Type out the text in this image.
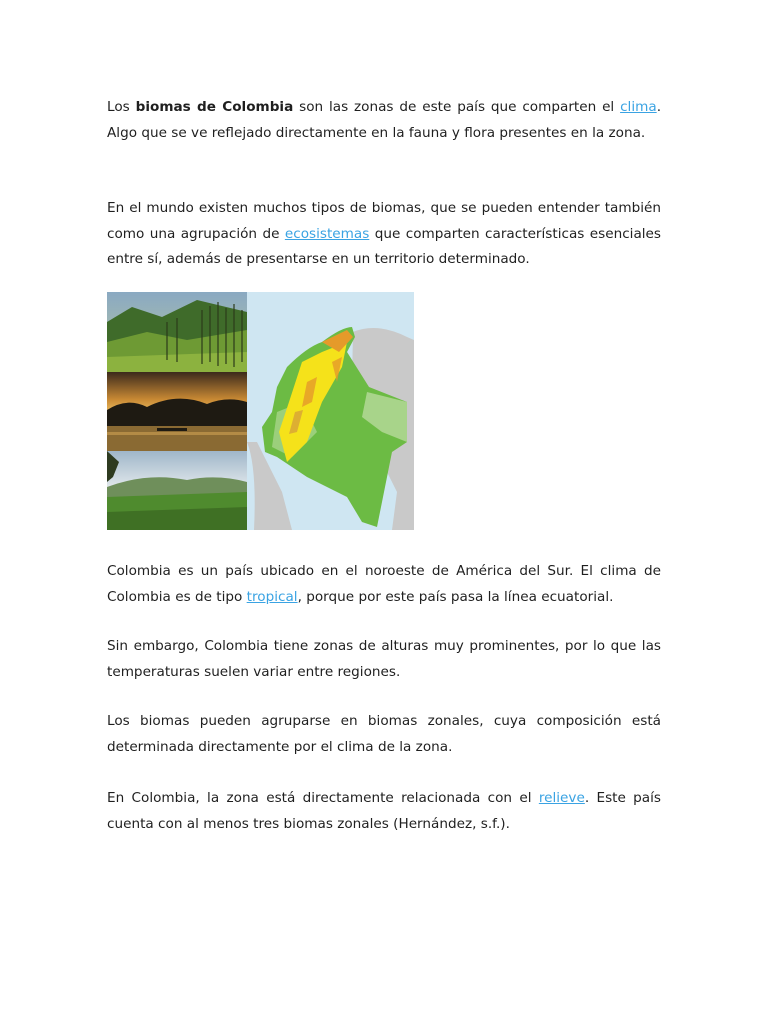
Los biomas de Colombia son las zonas de este país que comparten el clima. Algo que se ve reflejado directamente en la fauna y flora presentes en la zona.

En el mundo existen muchos tipos de biomas, que se pueden entender también como una agrupación de ecosistemas que comparten características esenciales entre sí, además de presentarse en un territorio determinado.

Colombia es un país ubicado en el noroeste de América del Sur. El clima de Colombia es de tipo tropical, porque por este país pasa la línea ecuatorial.

Sin embargo, Colombia tiene zonas de alturas muy prominentes, por lo que las temperaturas suelen variar entre regiones.

Los biomas pueden agruparse en biomas zonales, cuya composición está determinada directamente por el clima de la zona.

En Colombia, la zona está directamente relacionada con el relieve. Este país cuenta con al menos tres biomas zonales (Hernández, s.f.).
